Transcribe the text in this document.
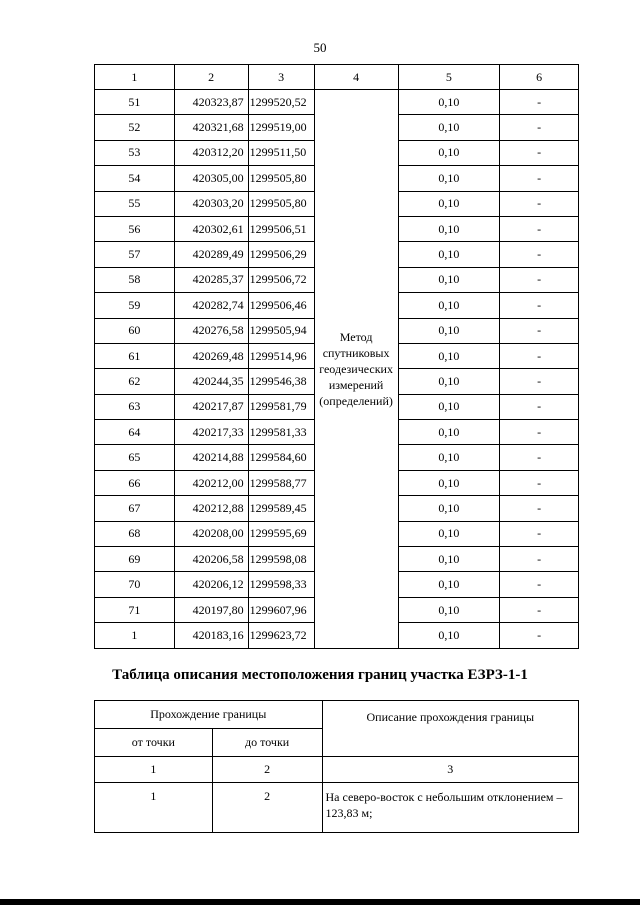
50
1	2	3	4	5	6
51	420323,87	1299520,52	Метод спутниковых геодезических измерений (определений)	0,10	-
52	420321,68	1299519,00		0,10	-
53	420312,20	1299511,50		0,10	-
54	420305,00	1299505,80		0,10	-
55	420303,20	1299505,80		0,10	-
56	420302,61	1299506,51		0,10	-
57	420289,49	1299506,29		0,10	-
58	420285,37	1299506,72		0,10	-
59	420282,74	1299506,46		0,10	-
60	420276,58	1299505,94		0,10	-
61	420269,48	1299514,96		0,10	-
62	420244,35	1299546,38		0,10	-
63	420217,87	1299581,79		0,10	-
64	420217,33	1299581,33		0,10	-
65	420214,88	1299584,60		0,10	-
66	420212,00	1299588,77		0,10	-
67	420212,88	1299589,45		0,10	-
68	420208,00	1299595,69		0,10	-
69	420206,58	1299598,08		0,10	-
70	420206,12	1299598,33		0,10	-
71	420197,80	1299607,96		0,10	-
1	420183,16	1299623,72		0,10	-
Таблица описания местоположения границ участка ЕЗРЗ-1-1
Прохождение границы		Описание прохождения границы
от точки	до точки	
1	2	3
1	2	На северо-восток с небольшим отклонением – 123,83 м;
